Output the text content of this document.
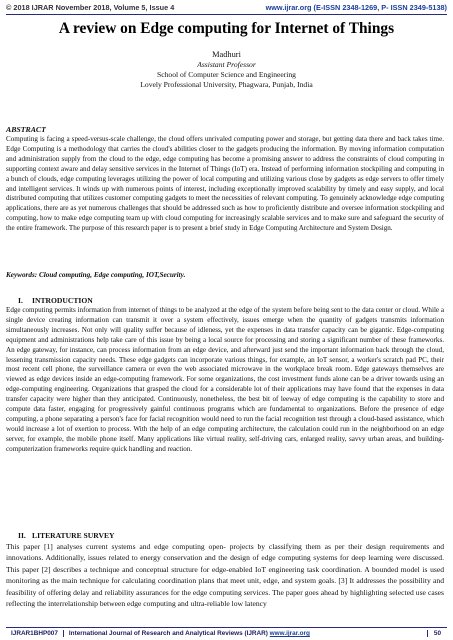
© 2018 IJRAR November 2018, Volume 5, Issue 4	www.ijrar.org (E-ISSN 2348-1269, P- ISSN 2349-5138)
A review on Edge computing for Internet of Things
Madhuri
Assistant Professor
School of Computer Science and Engineering
Lovely Professional University, Phagwara, Punjab, India
ABSTRACT

Computing is facing a speed-versus-scale challenge, the cloud offers unrivaled computing power and storage, but getting data there and back takes time. Edge Computing is a methodology that carries the cloud's abilities closer to the gadgets producing the information. By moving information computation and administration supply from the cloud to the edge, edge computing has become a promising answer to address the constraints of cloud computing in supporting context aware and delay sensitive services in the Internet of Things (IoT) era. Instead of performing information stockpiling and computing in a bunch of clouds, edge computing leverages utilizing the power of local computing and utilizing various close by gadgets as edge servers to offer timely and intelligent services. It winds up with numerous points of interest, including exceptionally improved scalability by timely and easy supply, and local distributed computing that utilizes customer computing gadgets to meet the necessities of relevant computing. To genuinely acknowledge edge computing applications, there are as yet numerous challenges that should be addressed such as how to proficiently distribute and oversee information stockpiling and computing, how to make edge computing team up with cloud computing for increasingly scalable services and to make sure and safeguard the security of the entire framework. The purpose of this research paper is to present a brief study in Edge Computing Architecture and System Design.

Keywords: Cloud computing, Edge computing, IOT,Security.

I. INTRODUCTION

Edge computing permits information from internet of things to be analyzed at the edge of the system before being sent to the data center or cloud. While a single device creating information can transmit it over a system effectively, issues emerge when the quantity of gadgets transmits information simultaneously increases. Not only will quality suffer because of idleness, yet the expenses in data transfer capacity can be gigantic. Edge-computing equipment and administrations help take care of this issue by being a local source for processing and storing a significant number of these frameworks. An edge gateway, for instance, can process information from an edge device, and afterward just send the important information back through the cloud, lessening transmission capacity needs. These edge gadgets can incorporate various things, for example, an IoT sensor, a worker's scratch pad PC, their most recent cell phone, the surveillance camera or even the web associated microwave in the workplace break room. Edge gateways themselves are viewed as edge devices inside an edge-computing framework. For some organizations, the cost investment funds alone can be a driver towards using an edge-computing engineering. Organizations that grasped the cloud for a considerable lot of their applications may have found that the expenses in data transfer capacity were higher than they anticipated. Continuously, nonetheless, the best bit of leeway of edge computing is the capability to store and compute data faster, engaging for progressively gainful continuous programs which are fundamental to organizations. Before the presence of edge computing, a phone separating a person's face for facial recognition would need to run the facial recognition test through a cloud-based assistance, which would increase a lot of exertion to process. With the help of an edge computing architecture, the calculation could run in the neighborhood on an edge server, for example, the mobile phone itself. Many applications like virtual reality, self-driving cars, enlarged reality, savvy urban areas, and building-computerization frameworks require quick handling and reaction.

II. LITERATURE SURVEY

This paper [1] analyses current systems and edge computing open- projects by classifying them as per their design requirements and innovations. Additionally, issues related to energy conservation and the design of edge computing systems for deep learning were discussed. This paper [2] describes a technique and conceptual structure for edge-enabled IoT engineering task coordination. A bounded model is used monitoring as the main technique for calculating coordination plans that meet unit, edge, and system goals. [3] It addresses the possibility and feasibility of offering delay and reliability assurances for the edge computing services. The paper goes ahead by highlighting selected use cases reflecting the interrelationship between edge computing and ultra-reliable low latency

IJRAR1BHP007	International Journal of Research and Analytical Reviews (IJRAR) www.ijrar.org	50
